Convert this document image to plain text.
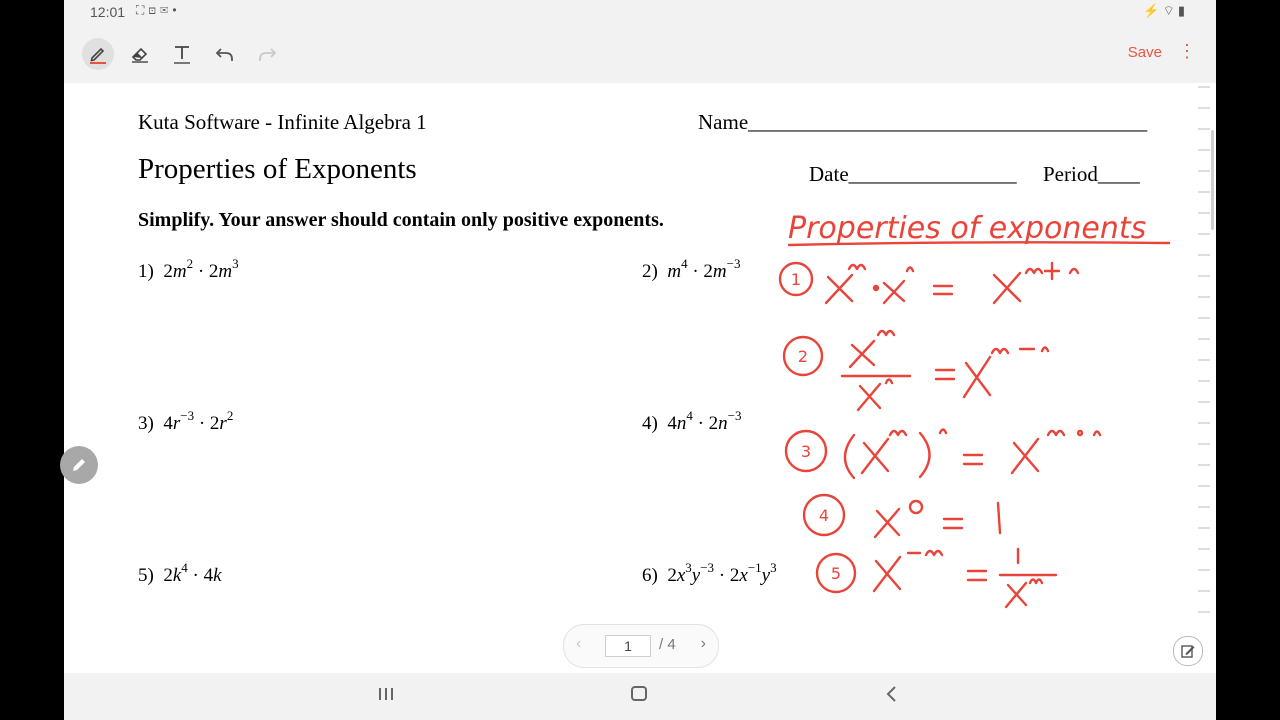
12:01 ⛶⊡✉•	⚡⌔▮
Save ⋮
Kuta Software - Infinite Algebra 1	Name______________________________________
Properties of Exponents	Date________________ Period____
Simplify. Your answer should contain only positive exponents.
1)  $2m^2 \cdot 2m^3$	2)  $m^4 \cdot 2m^{-3}$
3)  $4r^{-3} \cdot 2r^2$	4)  $4n^4 \cdot 2n^{-3}$
5)  $2k^4 \cdot 4k$	6)  $2x^3y^{-3} \cdot 2x^{-1}y^3$
Properties of exponents
1
2
3
4
5
‹	1	/ 4 ›
